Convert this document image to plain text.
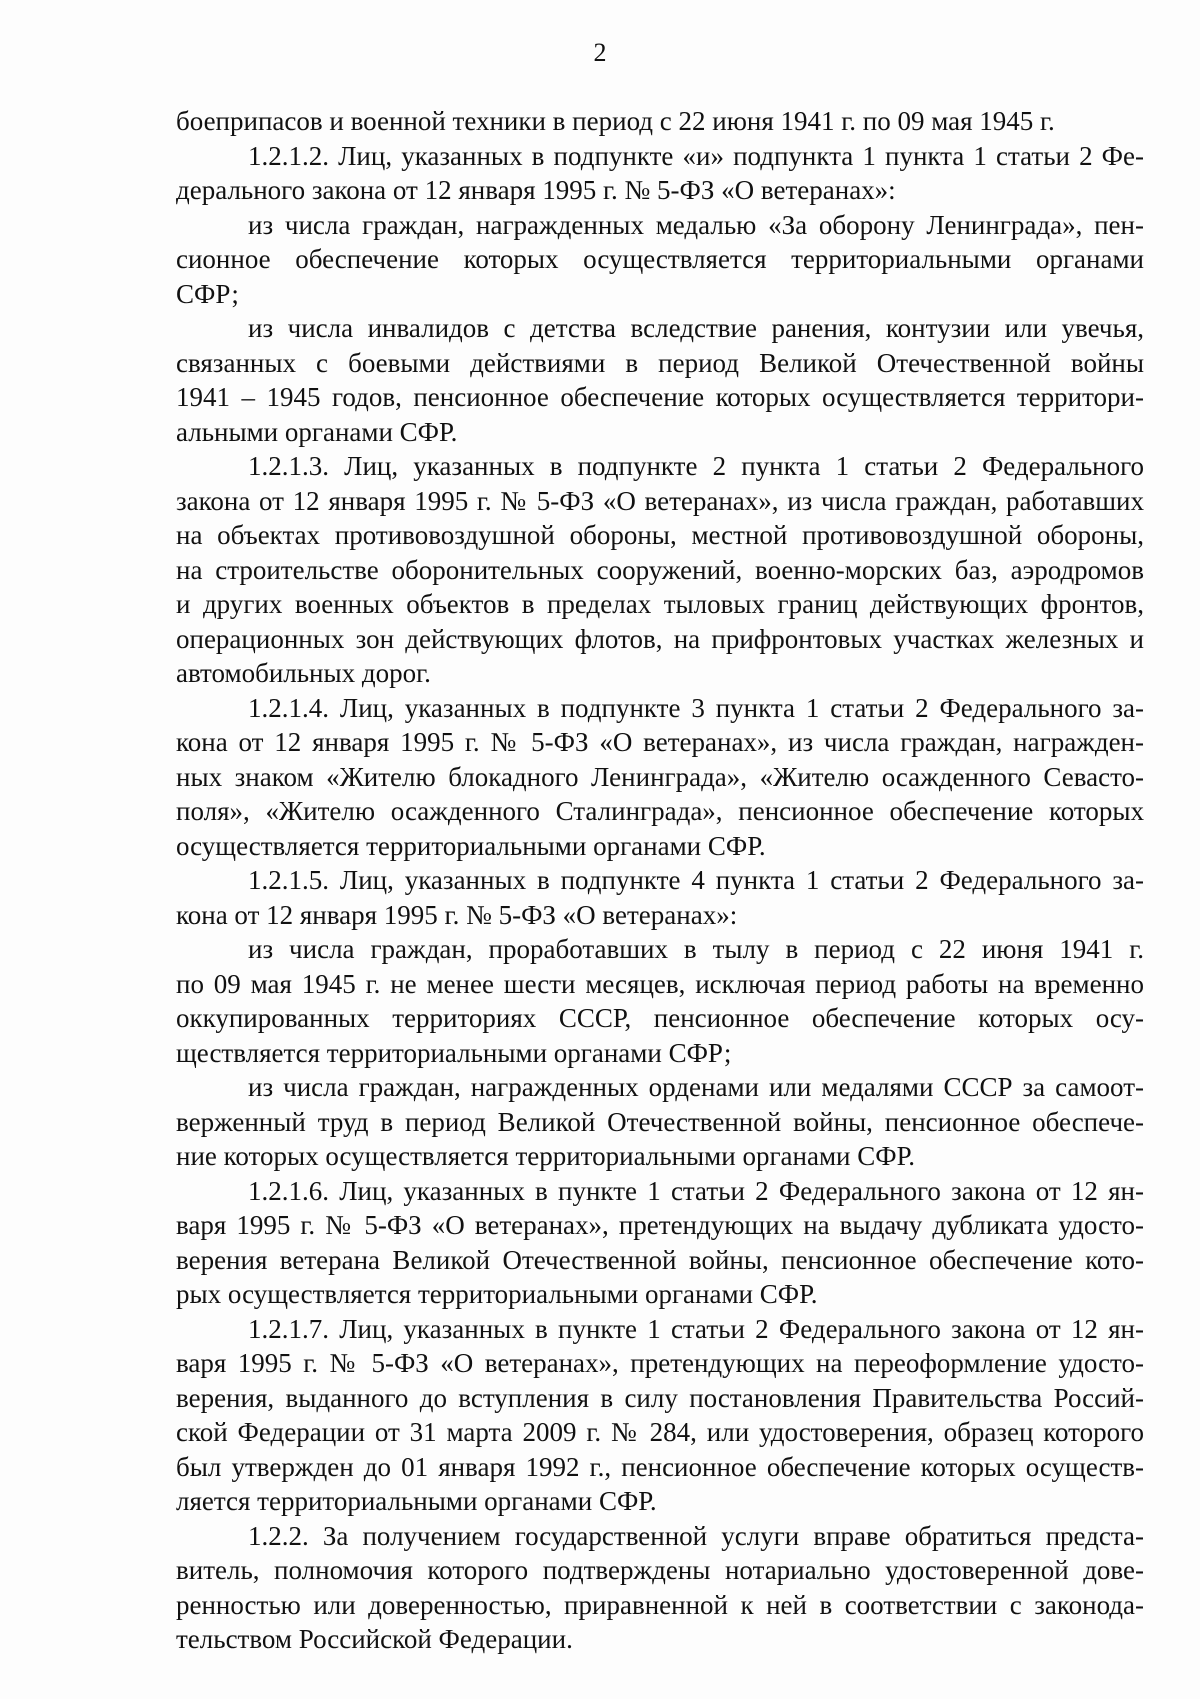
2
боеприпасов и военной техники в период с 22 июня 1941 г. по 09 мая 1945 г.
1.2.1.2. Лиц, указанных в подпункте «и» подпункта 1 пункта 1 статьи 2 Фе-
дерального закона от 12 января 1995 г. № 5-ФЗ «О ветеранах»:
из числа граждан, награжденных медалью «За оборону Ленинграда», пен-
сионное обеспечение которых осуществляется территориальными органами
СФР;
из числа инвалидов с детства вследствие ранения, контузии или увечья,
связанных с боевыми действиями в период Великой Отечественной войны
1941 – 1945 годов, пенсионное обеспечение которых осуществляется территори-
альными органами СФР.
1.2.1.3. Лиц, указанных в подпункте 2 пункта 1 статьи 2 Федерального
закона от 12 января 1995 г. № 5-ФЗ «О ветеранах», из числа граждан, работавших
на объектах противовоздушной обороны, местной противовоздушной обороны,
на строительстве оборонительных сооружений, военно-морских баз, аэродромов
и других военных объектов в пределах тыловых границ действующих фронтов,
операционных зон действующих флотов, на прифронтовых участках железных и
автомобильных дорог.
1.2.1.4. Лиц, указанных в подпункте 3 пункта 1 статьи 2 Федерального за-
кона от 12 января 1995 г. № 5-ФЗ «О ветеранах», из числа граждан, награжден-
ных знаком «Жителю блокадного Ленинграда», «Жителю осажденного Севасто-
поля», «Жителю осажденного Сталинграда», пенсионное обеспечение которых
осуществляется территориальными органами СФР.
1.2.1.5. Лиц, указанных в подпункте 4 пункта 1 статьи 2 Федерального за-
кона от 12 января 1995 г. № 5-ФЗ «О ветеранах»:
из числа граждан, проработавших в тылу в период с 22 июня 1941 г.
по 09 мая 1945 г. не менее шести месяцев, исключая период работы на временно
оккупированных территориях СССР, пенсионное обеспечение которых осу-
ществляется территориальными органами СФР;
из числа граждан, награжденных орденами или медалями СССР за самоот-
верженный труд в период Великой Отечественной войны, пенсионное обеспече-
ние которых осуществляется территориальными органами СФР.
1.2.1.6. Лиц, указанных в пункте 1 статьи 2 Федерального закона от 12 ян-
варя 1995 г. № 5-ФЗ «О ветеранах», претендующих на выдачу дубликата удосто-
верения ветерана Великой Отечественной войны, пенсионное обеспечение кото-
рых осуществляется территориальными органами СФР.
1.2.1.7. Лиц, указанных в пункте 1 статьи 2 Федерального закона от 12 ян-
варя 1995 г. № 5-ФЗ «О ветеранах», претендующих на переоформление удосто-
верения, выданного до вступления в силу постановления Правительства Россий-
ской Федерации от 31 марта 2009 г. № 284, или удостоверения, образец которого
был утвержден до 01 января 1992 г., пенсионное обеспечение которых осуществ-
ляется территориальными органами СФР.
1.2.2. За получением государственной услуги вправе обратиться предста-
витель, полномочия которого подтверждены нотариально удостоверенной дове-
ренностью или доверенностью, приравненной к ней в соответствии с законода-
тельством Российской Федерации.
